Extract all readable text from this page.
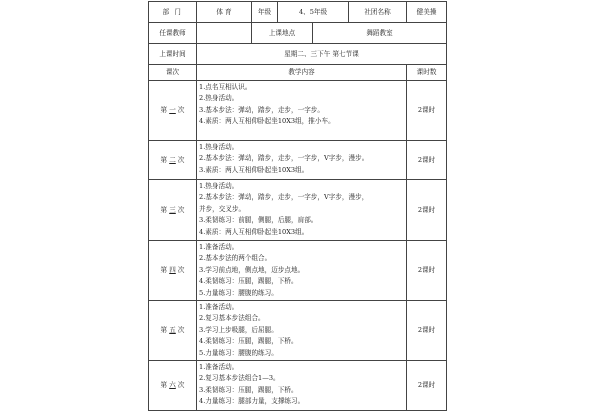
部 门	体 育	年级	4、5年级		社团名称	健美操
任课教师		上课地点		舞蹈教室		
上课时间	星期二、三下午 第七节课					
课次	教学内容					课时数
第 一 次	1.点名互相认识。
2.热身活动。
3.基本步法：弹动，踏步，走步，一字步。
4.素质：两人互相仰卧起坐10X3组，推小车。					2课时
第 二 次	1.热身活动。
2.基本步法：弹动，踏步，走步，一字步，V字步，漫步。
3.素质：两人互相仰卧起坐10X3组。					2课时
第 三 次	1.热身活动。
2.基本步法：弹动，踏步，走步，一字步，V字步，漫步，
并步，交叉步。
3.柔韧练习：前腿，侧腿，后腿，肩部。
4.素质：两人互相仰卧起坐10X3组。					2课时
第 四 次	1.准备活动。
2.基本步法的两个组合。
3.学习前点地，侧点地，迈步点地。
4.柔韧练习：压腿，踢腿，下桥。
5.力量练习：腰腹的练习。					2课时
第 五 次	1.准备活动。
2.复习基本步法组合。
3.学习上步吸腿，后屈腿。
4.柔韧练习：压腿，踢腿，下桥。
5.力量练习：腰腹的练习。					2课时
第 六 次	1.准备活动。
2.复习基本步法组合1—3。
3.柔韧练习：压腿，踢腿，下桥。
4.力量练习：腿部力量，支撑练习。					2课时
